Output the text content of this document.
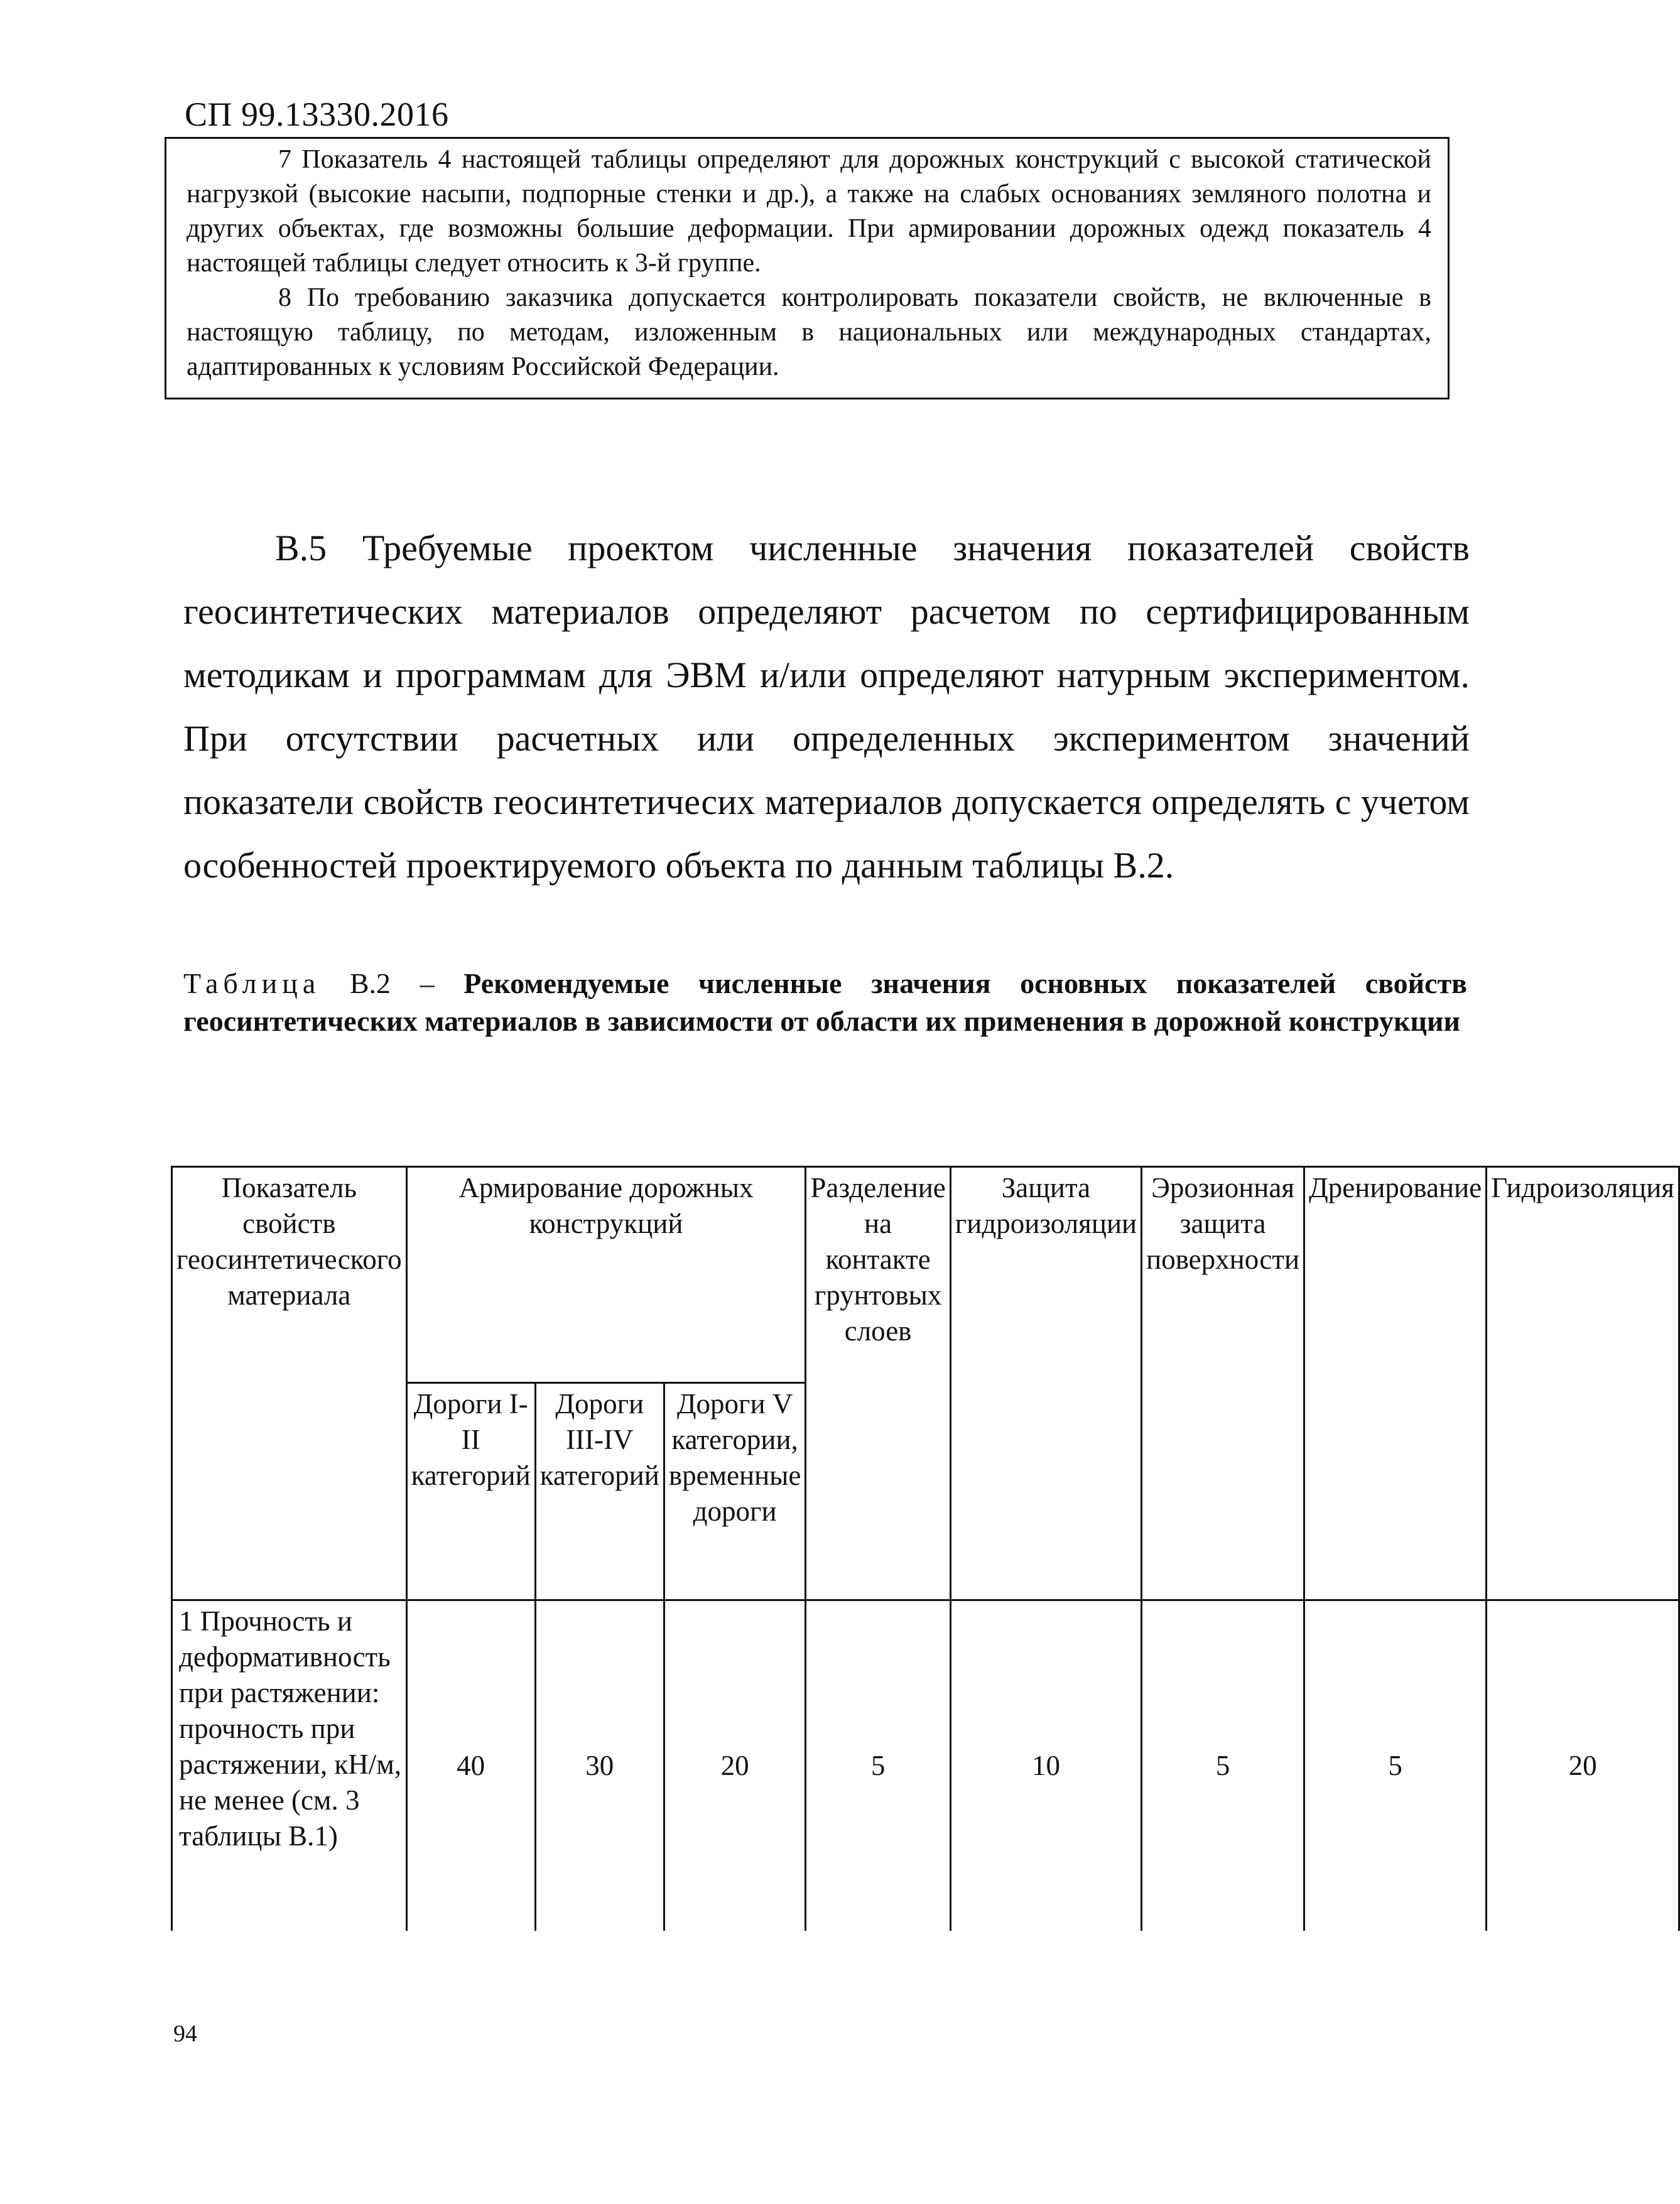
СП 99.13330.2016

7 Показатель 4 настоящей таблицы определяют для дорожных конструкций с высокой статической нагрузкой (высокие насыпи, подпорные стенки и др.), а также на слабых основаниях земляного полотна и других объектах, где возможны большие деформации. При армировании дорожных одежд показатель 4 настоящей таблицы следует относить к 3-й группе.

8 По требованию заказчика допускается контролировать показатели свойств, не включенные в настоящую таблицу, по методам, изложенным в национальных или международных стандартах, адаптированных к условиям Российской Федерации.

В.5 Требуемые проектом численные значения показателей свойств геосинтетических материалов определяют расчетом по сертифицированным методикам и программам для ЭВМ и/или определяют натурным экспериментом. При отсутствии расчетных или определенных экспериментом значений показатели свойств геосинтетичесих материалов допускается определять с учетом особенностей проектируемого объекта по данным таблицы В.2.

Таблица В.2 – Рекомендуемые численные значения основных показателей свойств геосинтетических материалов в зависимости от области их применения в дорожной конструкции

Показатель свойств геосинтетического материала	Армирование дорожных конструкций			Разделение на контакте грунтовых слоев	Защита гидроизоляции	Эрозионная защита поверхности	Дренирование	Гидроизоляция
	Дороги I-II категорий	Дороги III-IV категорий	Дороги V категории, временные дороги					
1 Прочность и деформативность при растяжении: прочность при растяжении, кН/м, не менее (см. 3 таблицы В.1)	40	30	20	5	10	5	5	20
94
